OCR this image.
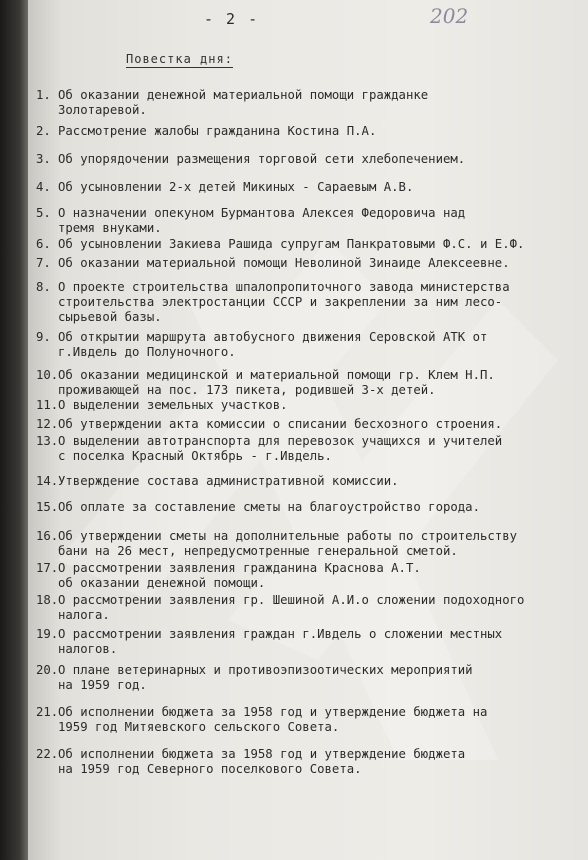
- 2 -	202
Повестка дня:
1. Об оказании денежной материальной помощи гражданке
Золотаревой.
2. Рассмотрение жалобы гражданина Костина П.А.
3. Об упорядочении размещения торговой сети хлебопечением.
4. Об усыновлении 2-х детей Микиных - Сараевым А.В.
5. О назначении опекуном Бурмантова Алексея Федоровича над
тремя внуками.
6. Об усыновлении Закиева Рашида супругам Панкратовыми Ф.С. и Е.Ф.
7. Об оказании материальной помощи Неволиной Зинаиде Алексеевне.
8. О проекте строительства шпалопропиточного завода министерства
строительства электростанции СССР и закреплении за ним лесо-
сырьевой базы.
9. Об открытии маршрута автобусного движения Серовской АТК от
г.Ивдель до Полуночного.
10. Об оказании медицинской и материальной помощи гр. Клем Н.П.
проживающей на пос. 173 пикета, родившей 3-х детей.
11. О выделении земельных участков.
12. Об утверждении акта комиссии о списании бесхозного строения.
13. О выделении автотранспорта для перевозок учащихся и учителей
с поселка Красный Октябрь - г.Ивдель.
14. Утверждение состава административной комиссии.
15. Об оплате за составление сметы на благоустройство города.
16. Об утверждении сметы на дополнительные работы по строительству
бани на 26 мест, непредусмотренные генеральной сметой.
17. О рассмотрении заявления гражданина Краснова А.Т.
об оказании денежной помощи.
18. О рассмотрении заявления гр. Шешиной А.И.о сложении подоходного
налога.
19. О рассмотрении заявления граждан г.Ивдель о сложении местных
налогов.
20. О плане ветеринарных и противоэпизоотических мероприятий
на 1959 год.
21. Об исполнении бюджета за 1958 год и утверждение бюджета на
1959 год Митяевского сельского Совета.
22. Об исполнении бюджета за 1958 год и утверждение бюджета
на 1959 год Северного поселкового Совета.
